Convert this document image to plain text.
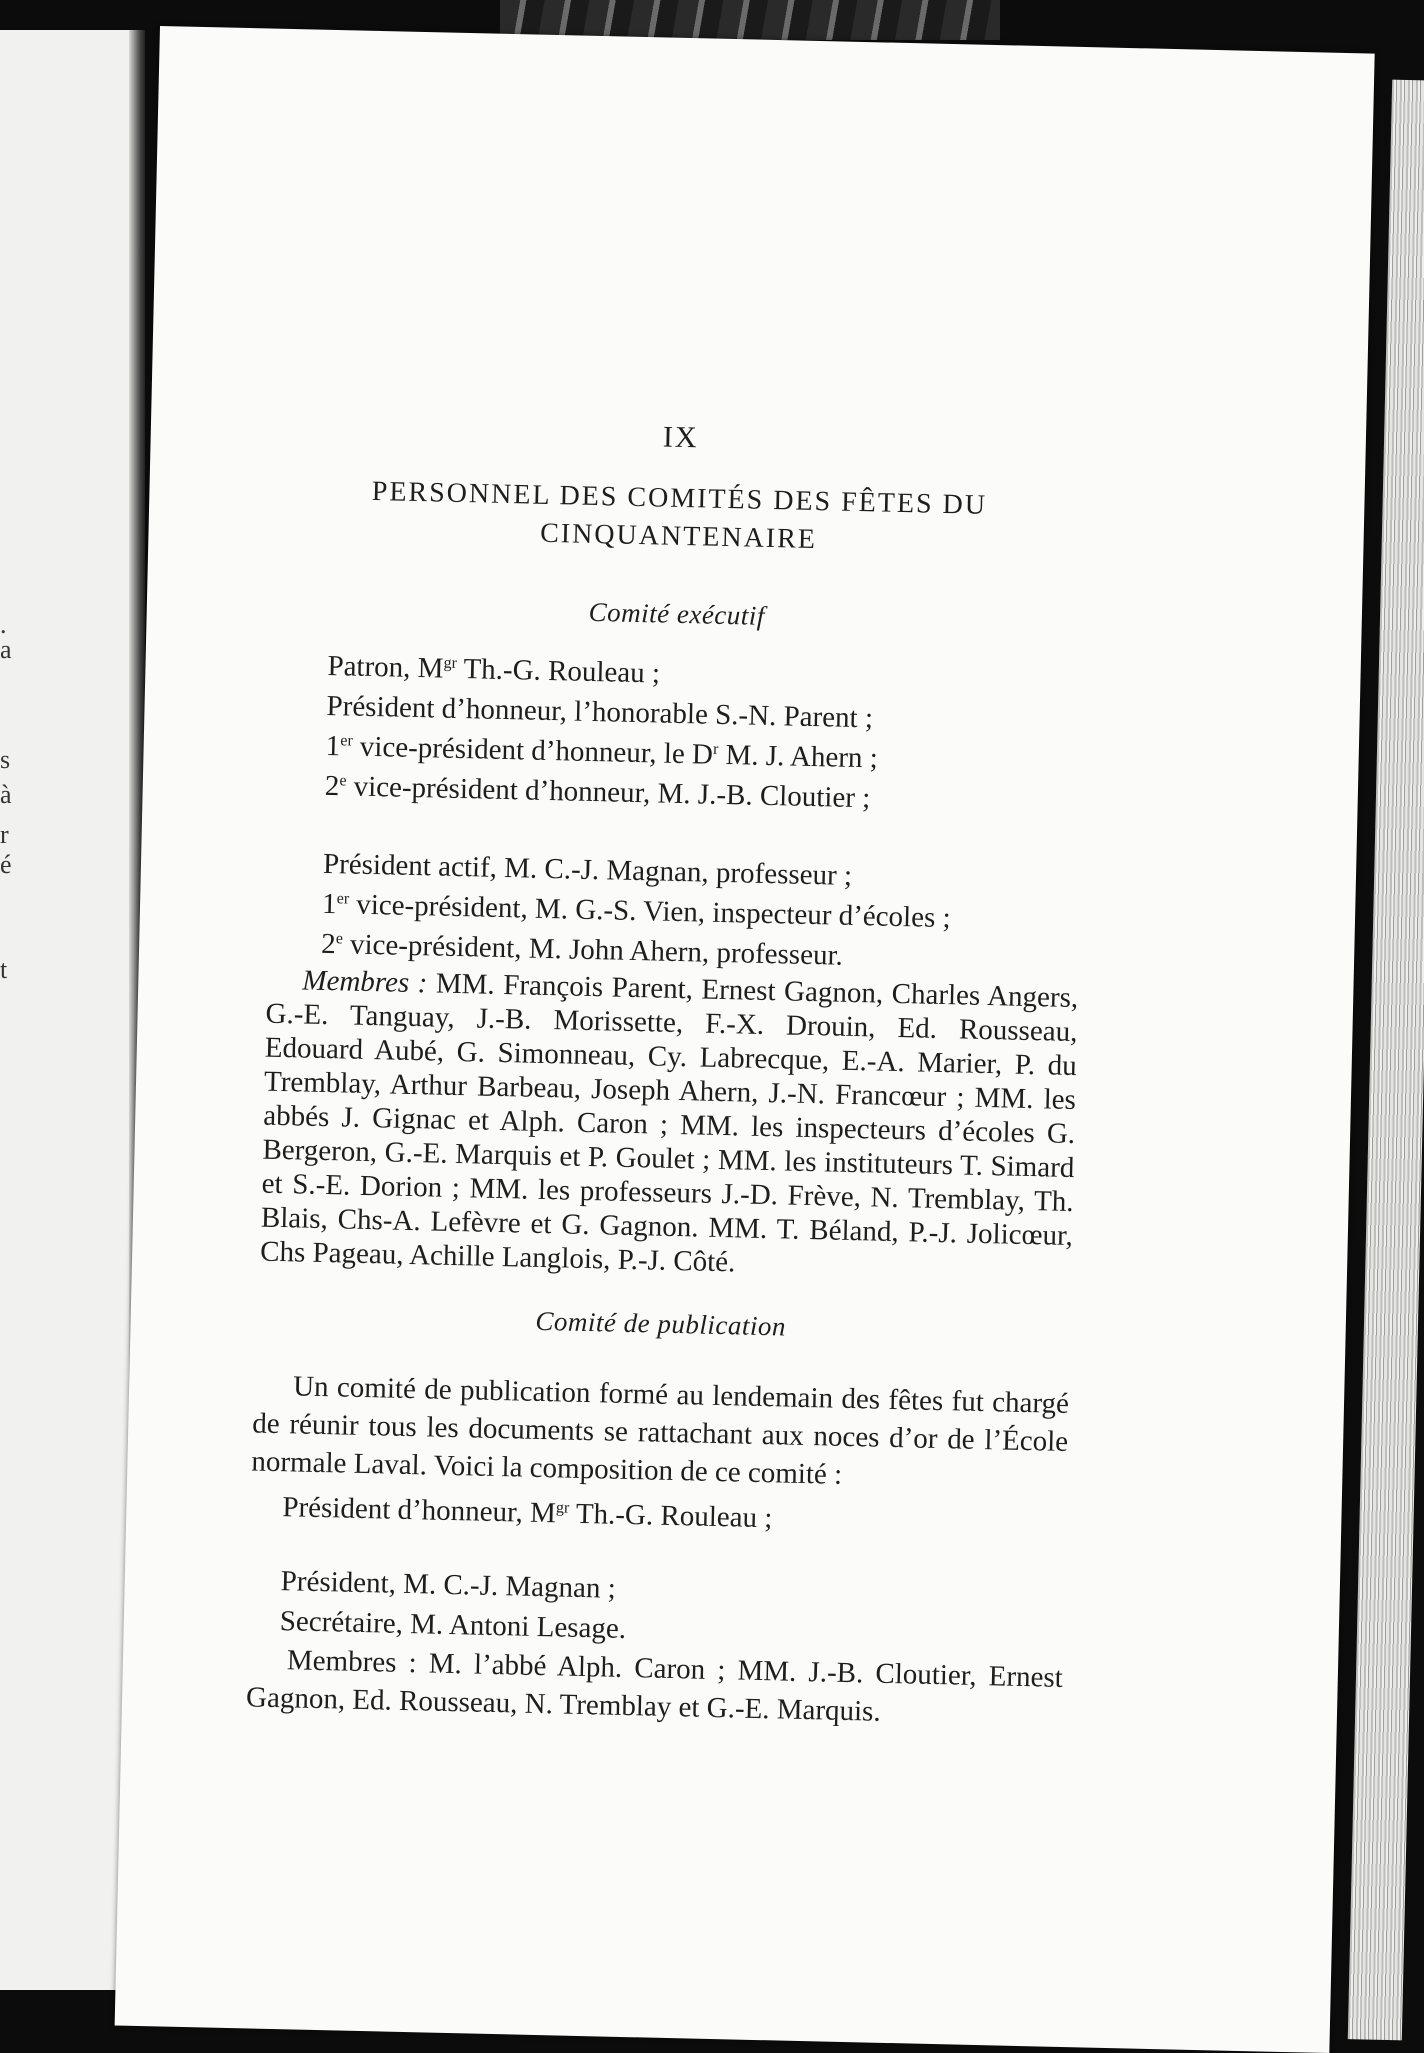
.
a
s
à
r
é
t
IX
PERSONNEL DES COMITÉS DES FÊTES DU
CINQUANTENAIRE
Comité exécutif

Patron, $M^{gr}$ Th.-G. Rouleau ;

Président d’honneur, l’honorable S.-N. Parent ;

1er vice-président d’honneur, le $D^r$ M. J. Ahern ;

2e vice-président d’honneur, M. J.-B. Cloutier ;

Président actif, M. C.-J. Magnan, professeur ;

1er vice-président, M. G.-S. Vien, inspecteur d’écoles ;

2e vice-président, M. John Ahern, professeur.

Membres : MM. François Parent, Ernest Gagnon, Charles Angers, G.-E. Tanguay, J.-B. Morissette, F.-X. Drouin, Ed. Rousseau, Edouard Aubé, G. Simonneau, Cy. Labrecque, E.-A. Marier, P. du Tremblay, Arthur Barbeau, Joseph Ahern, J.-N. Francœur ; MM. les abbés J. Gignac et Alph. Caron ; MM. les inspecteurs d’écoles G. Bergeron, G.-E. Marquis et P. Goulet ; MM. les instituteurs T. Simard et S.-E. Dorion ; MM. les professeurs J.-D. Frève, N. Tremblay, Th. Blais, Chs-A. Lefèvre et G. Gagnon. MM. T. Béland, P.-J. Jolicœur, Chs Pageau, Achille Langlois, P.-J. Côté.

Comité de publication

Un comité de publication formé au lendemain des fêtes fut chargé de réunir tous les documents se rattachant aux noces d’or de l’École normale Laval. Voici la composition de ce comité :

Président d’honneur, $M^{gr}$ Th.-G. Rouleau ;

Président, M. C.-J. Magnan ;

Secrétaire, M. Antoni Lesage.

Membres : M. l’abbé Alph. Caron ; MM. J.-B. Cloutier, Ernest Gagnon, Ed. Rousseau, N. Tremblay et G.-E. Marquis.
